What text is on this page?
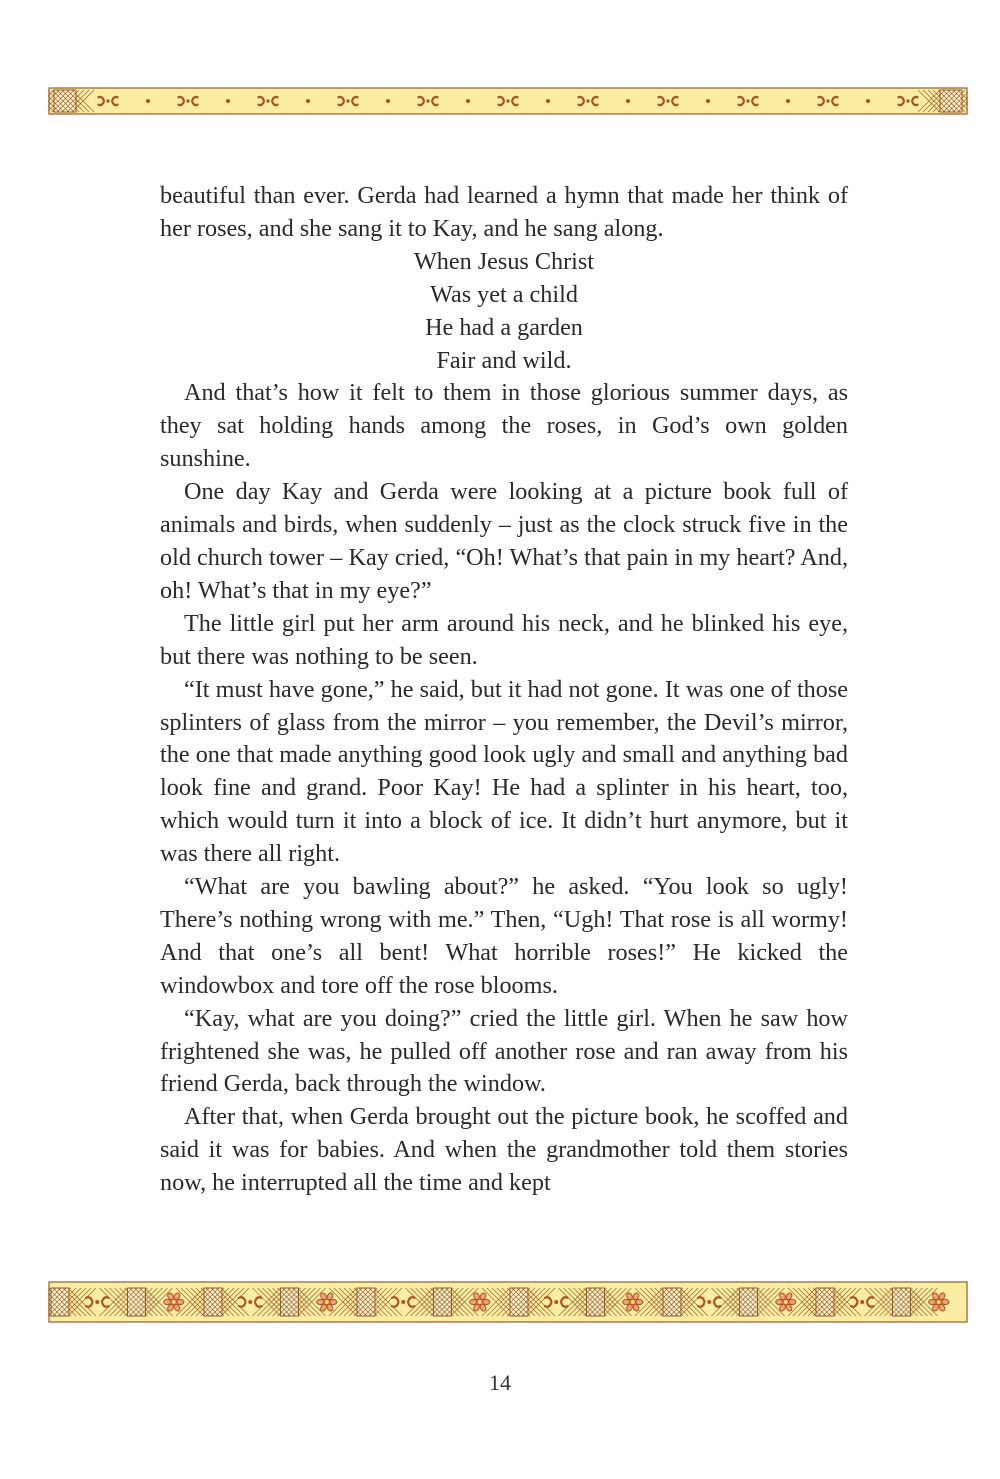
beautiful than ever. Gerda had learned a hymn that made her think of her roses, and she sang it to Kay, and he sang along.

When Jesus Christ
Was yet a child
He had a garden
Fair and wild.

And that’s how it felt to them in those glorious summer days, as they sat holding hands among the roses, in God’s own golden sunshine.

One day Kay and Gerda were looking at a picture book full of animals and birds, when suddenly – just as the clock struck five in the old church tower – Kay cried, “Oh! What’s that pain in my heart? And, oh! What’s that in my eye?”

The little girl put her arm around his neck, and he blinked his eye, but there was nothing to be seen.

“It must have gone,” he said, but it had not gone. It was one of those splinters of glass from the mirror – you remember, the Devil’s mirror, the one that made anything good look ugly and small and anything bad look fine and grand. Poor Kay! He had a splinter in his heart, too, which would turn it into a block of ice. It didn’t hurt anymore, but it was there all right.

“What are you bawling about?” he asked. “You look so ugly! There’s nothing wrong with me.” Then, “Ugh! That rose is all wormy! And that one’s all bent! What horrible roses!” He kicked the windowbox and tore off the rose blooms.

“Kay, what are you doing?” cried the little girl. When he saw how frightened she was, he pulled off another rose and ran away from his friend Gerda, back through the window.

After that, when Gerda brought out the picture book, he scoffed and said it was for babies. And when the grandmother told them stories now, he interrupted all the time and kept

14
